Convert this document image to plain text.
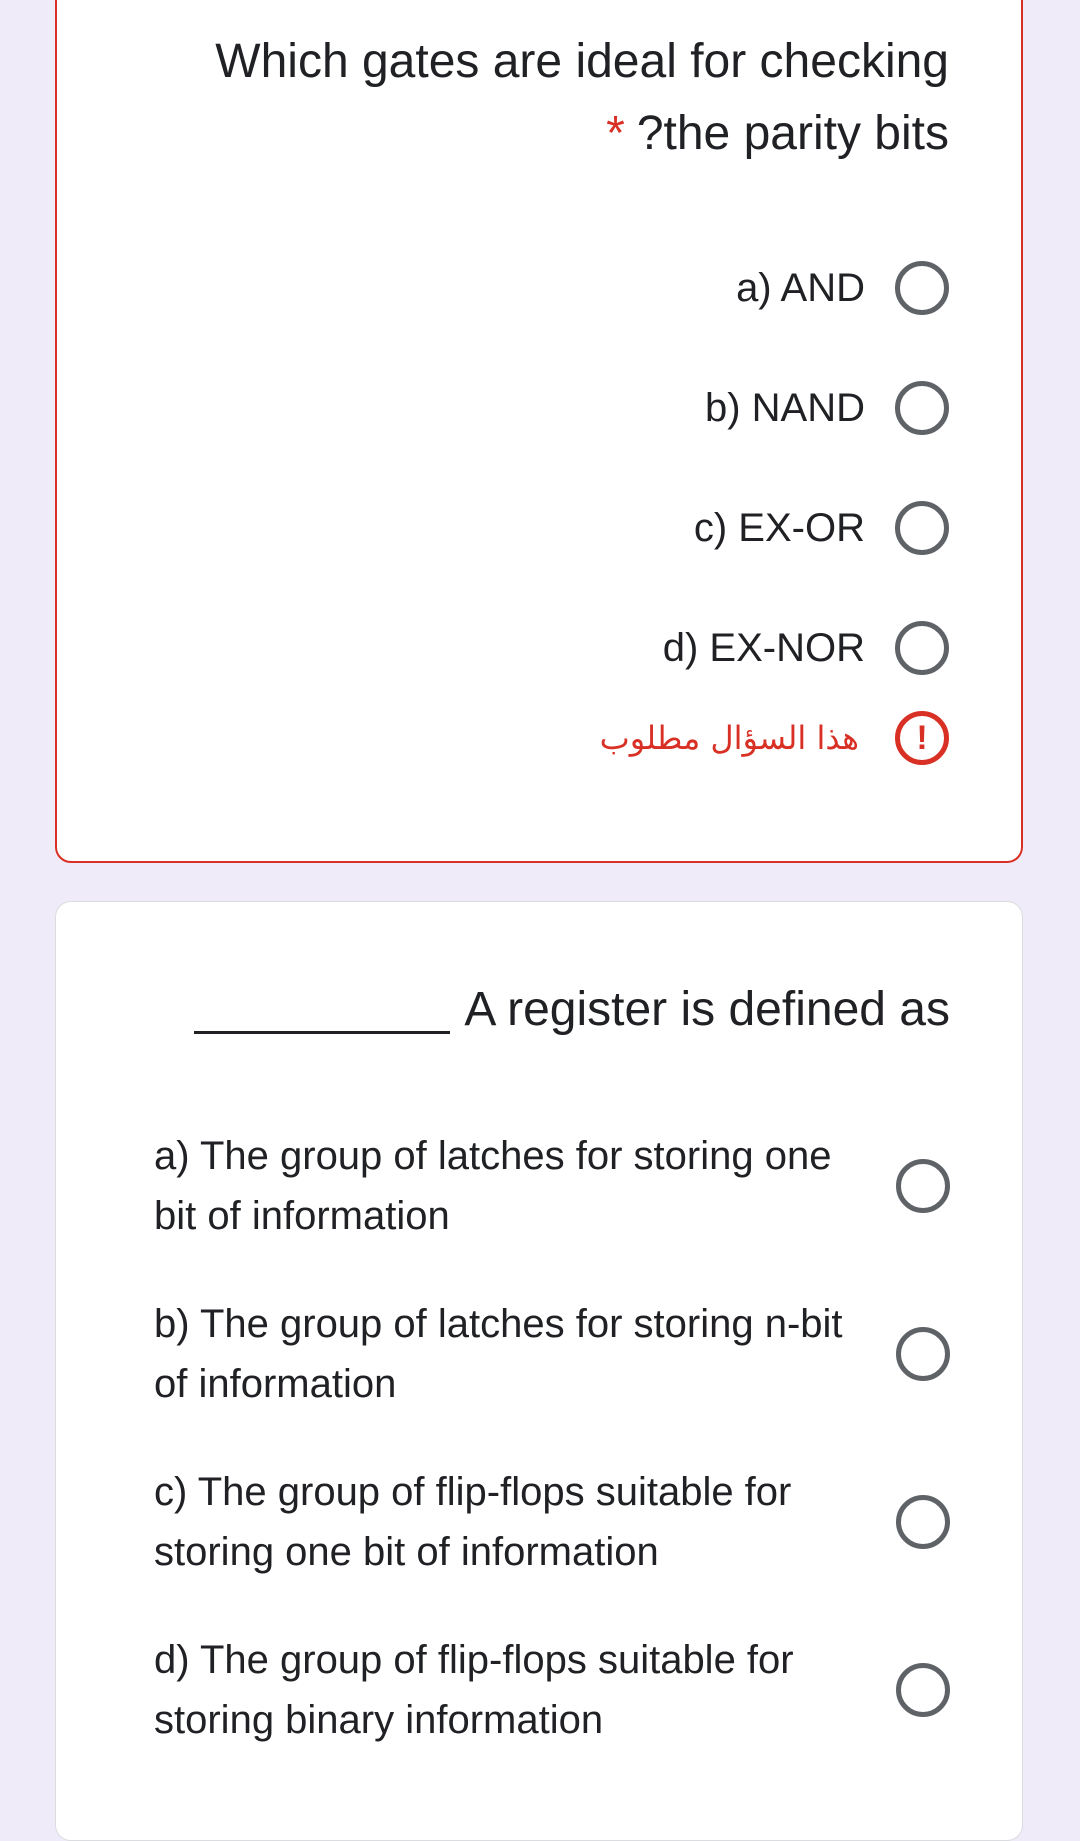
Which gates are ideal for checking
* ?the parity bits
a) AND
b) NAND
c) EX-OR
d) EX-NOR
هذا السؤال مطلوب	!
A register is defined as
a) The group of latches for storing one bit of information
b) The group of latches for storing n-bit of information
c) The group of flip-flops suitable for storing one bit of information
d) The group of flip-flops suitable for storing binary information
